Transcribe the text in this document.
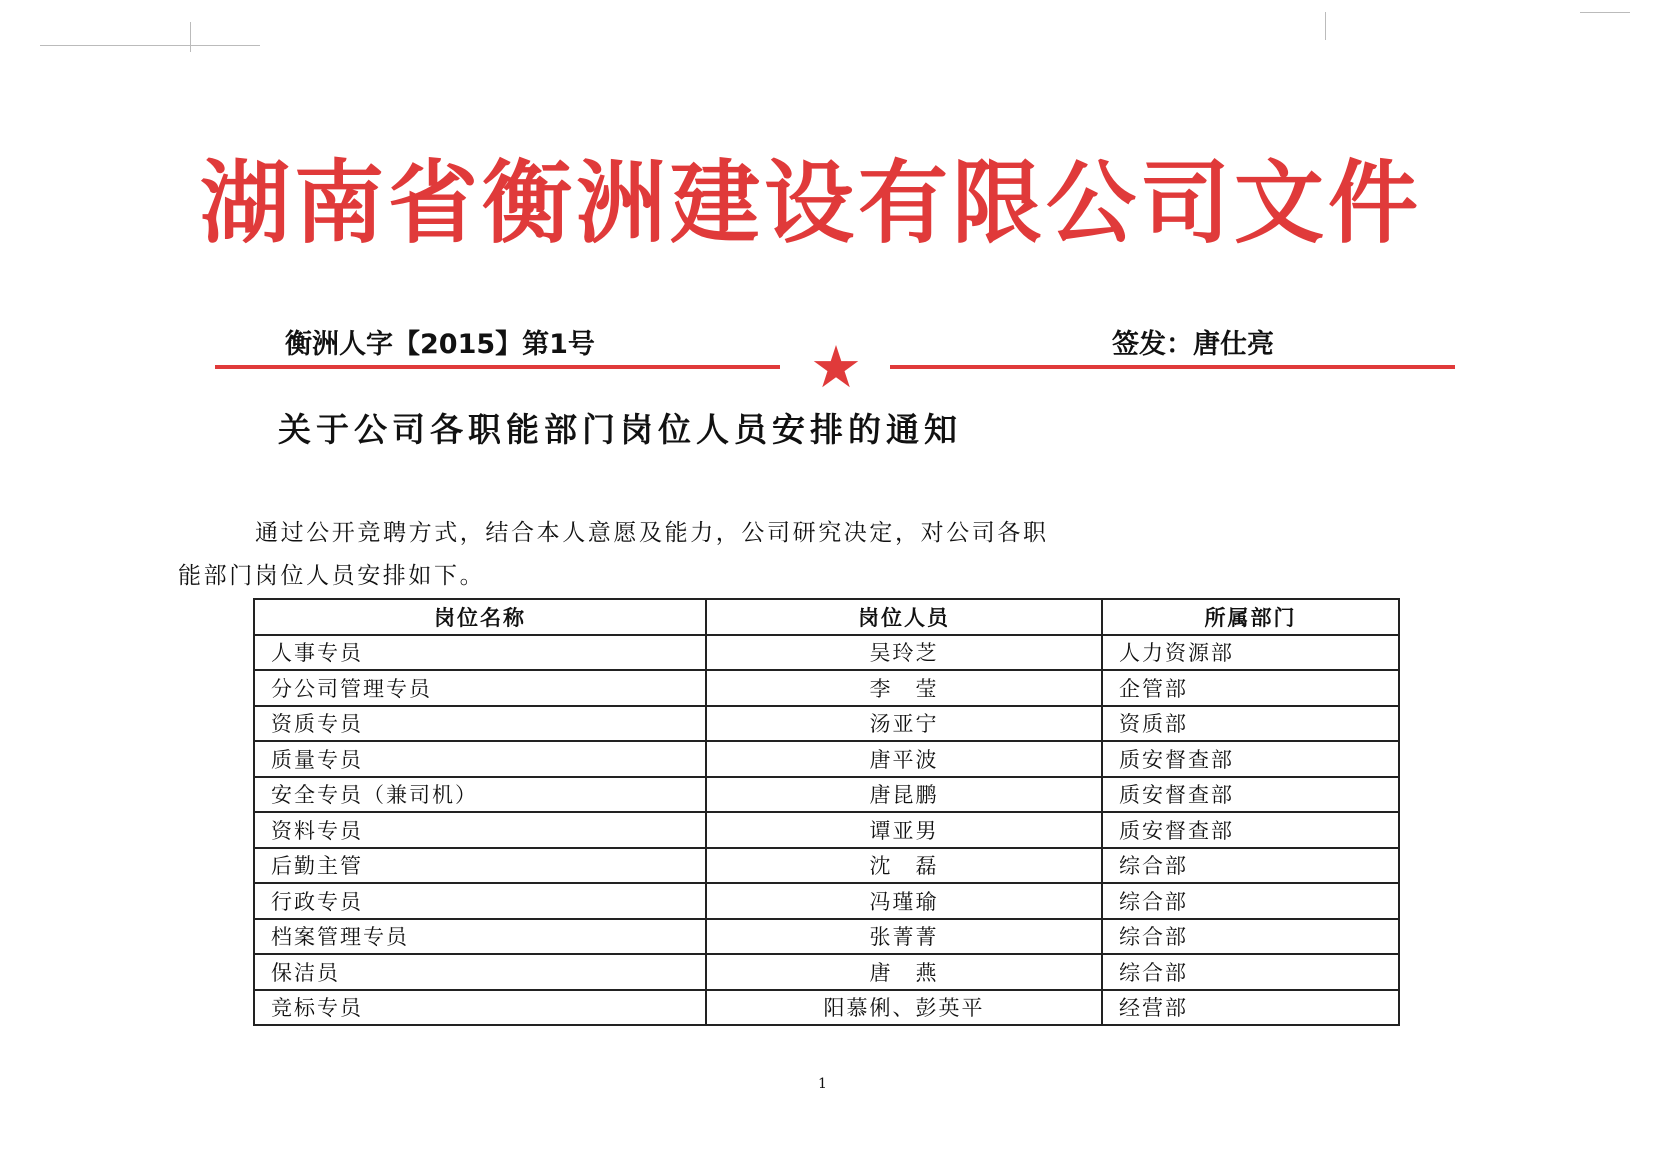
湖南省衡洲建设有限公司文件
衡洲人字【2015】第1号	签发：唐仕亮
★
关于公司各职能部门岗位人员安排的通知
通过公开竞聘方式，结合本人意愿及能力，公司研究决定，对公司各职
能部门岗位人员安排如下。
岗位名称	岗位人员	所属部门
人事专员	吴玲芝	人力资源部
分公司管理专员	李　莹	企管部
资质专员	汤亚宁	资质部
质量专员	唐平波	质安督查部
安全专员（兼司机）	唐昆鹏	质安督查部
资料专员	谭亚男	质安督查部
后勤主管	沈　磊	综合部
行政专员	冯瑾瑜	综合部
档案管理专员	张菁菁	综合部
保洁员	唐　燕	综合部
竞标专员	阳慕俐、彭英平	经营部
1
